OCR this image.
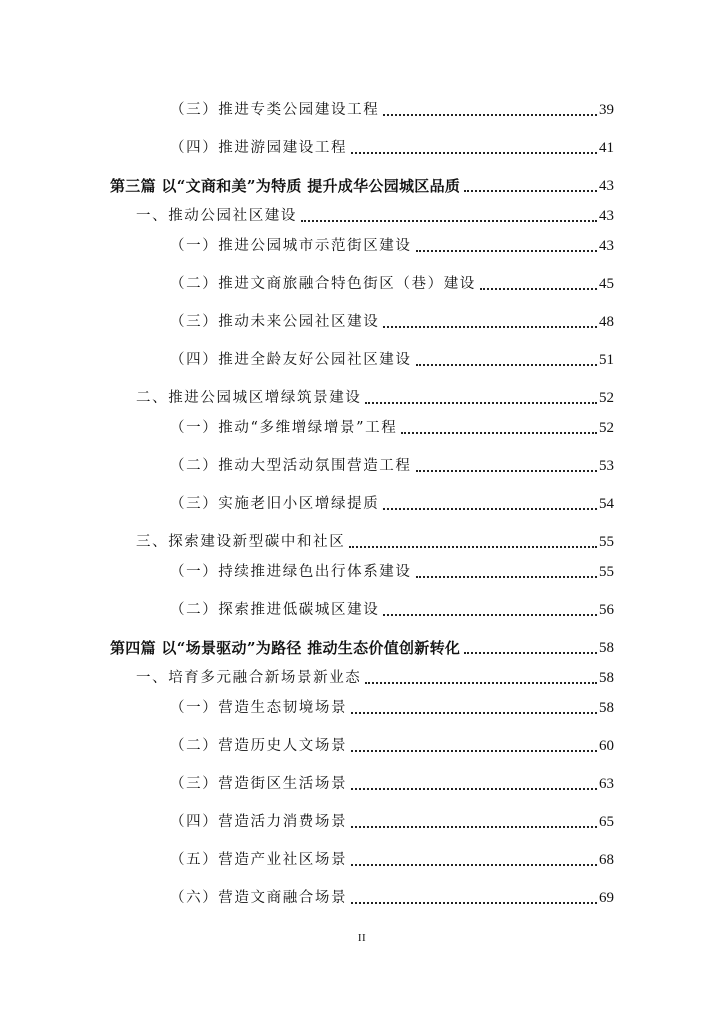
（三）推进专类公园建设工程	39
（四）推进游园建设工程	41
第三篇 以“文商和美”为特质 提升成华公园城区品质	43
一、推动公园社区建设	43
（一）推进公园城市示范街区建设	43
（二）推进文商旅融合特色街区（巷）建设	45
（三）推动未来公园社区建设	48
（四）推进全龄友好公园社区建设	51
二、推进公园城区增绿筑景建设	52
（一）推动“多维增绿增景”工程	52
（二）推动大型活动氛围营造工程	53
（三）实施老旧小区增绿提质	54
三、探索建设新型碳中和社区	55
（一）持续推进绿色出行体系建设	55
（二）探索推进低碳城区建设	56
第四篇 以“场景驱动”为路径 推动生态价值创新转化	58
一、培育多元融合新场景新业态	58
（一）营造生态韧境场景	58
（二）营造历史人文场景	60
（三）营造街区生活场景	63
（四）营造活力消费场景	65
（五）营造产业社区场景	68
（六）营造文商融合场景	69
II
